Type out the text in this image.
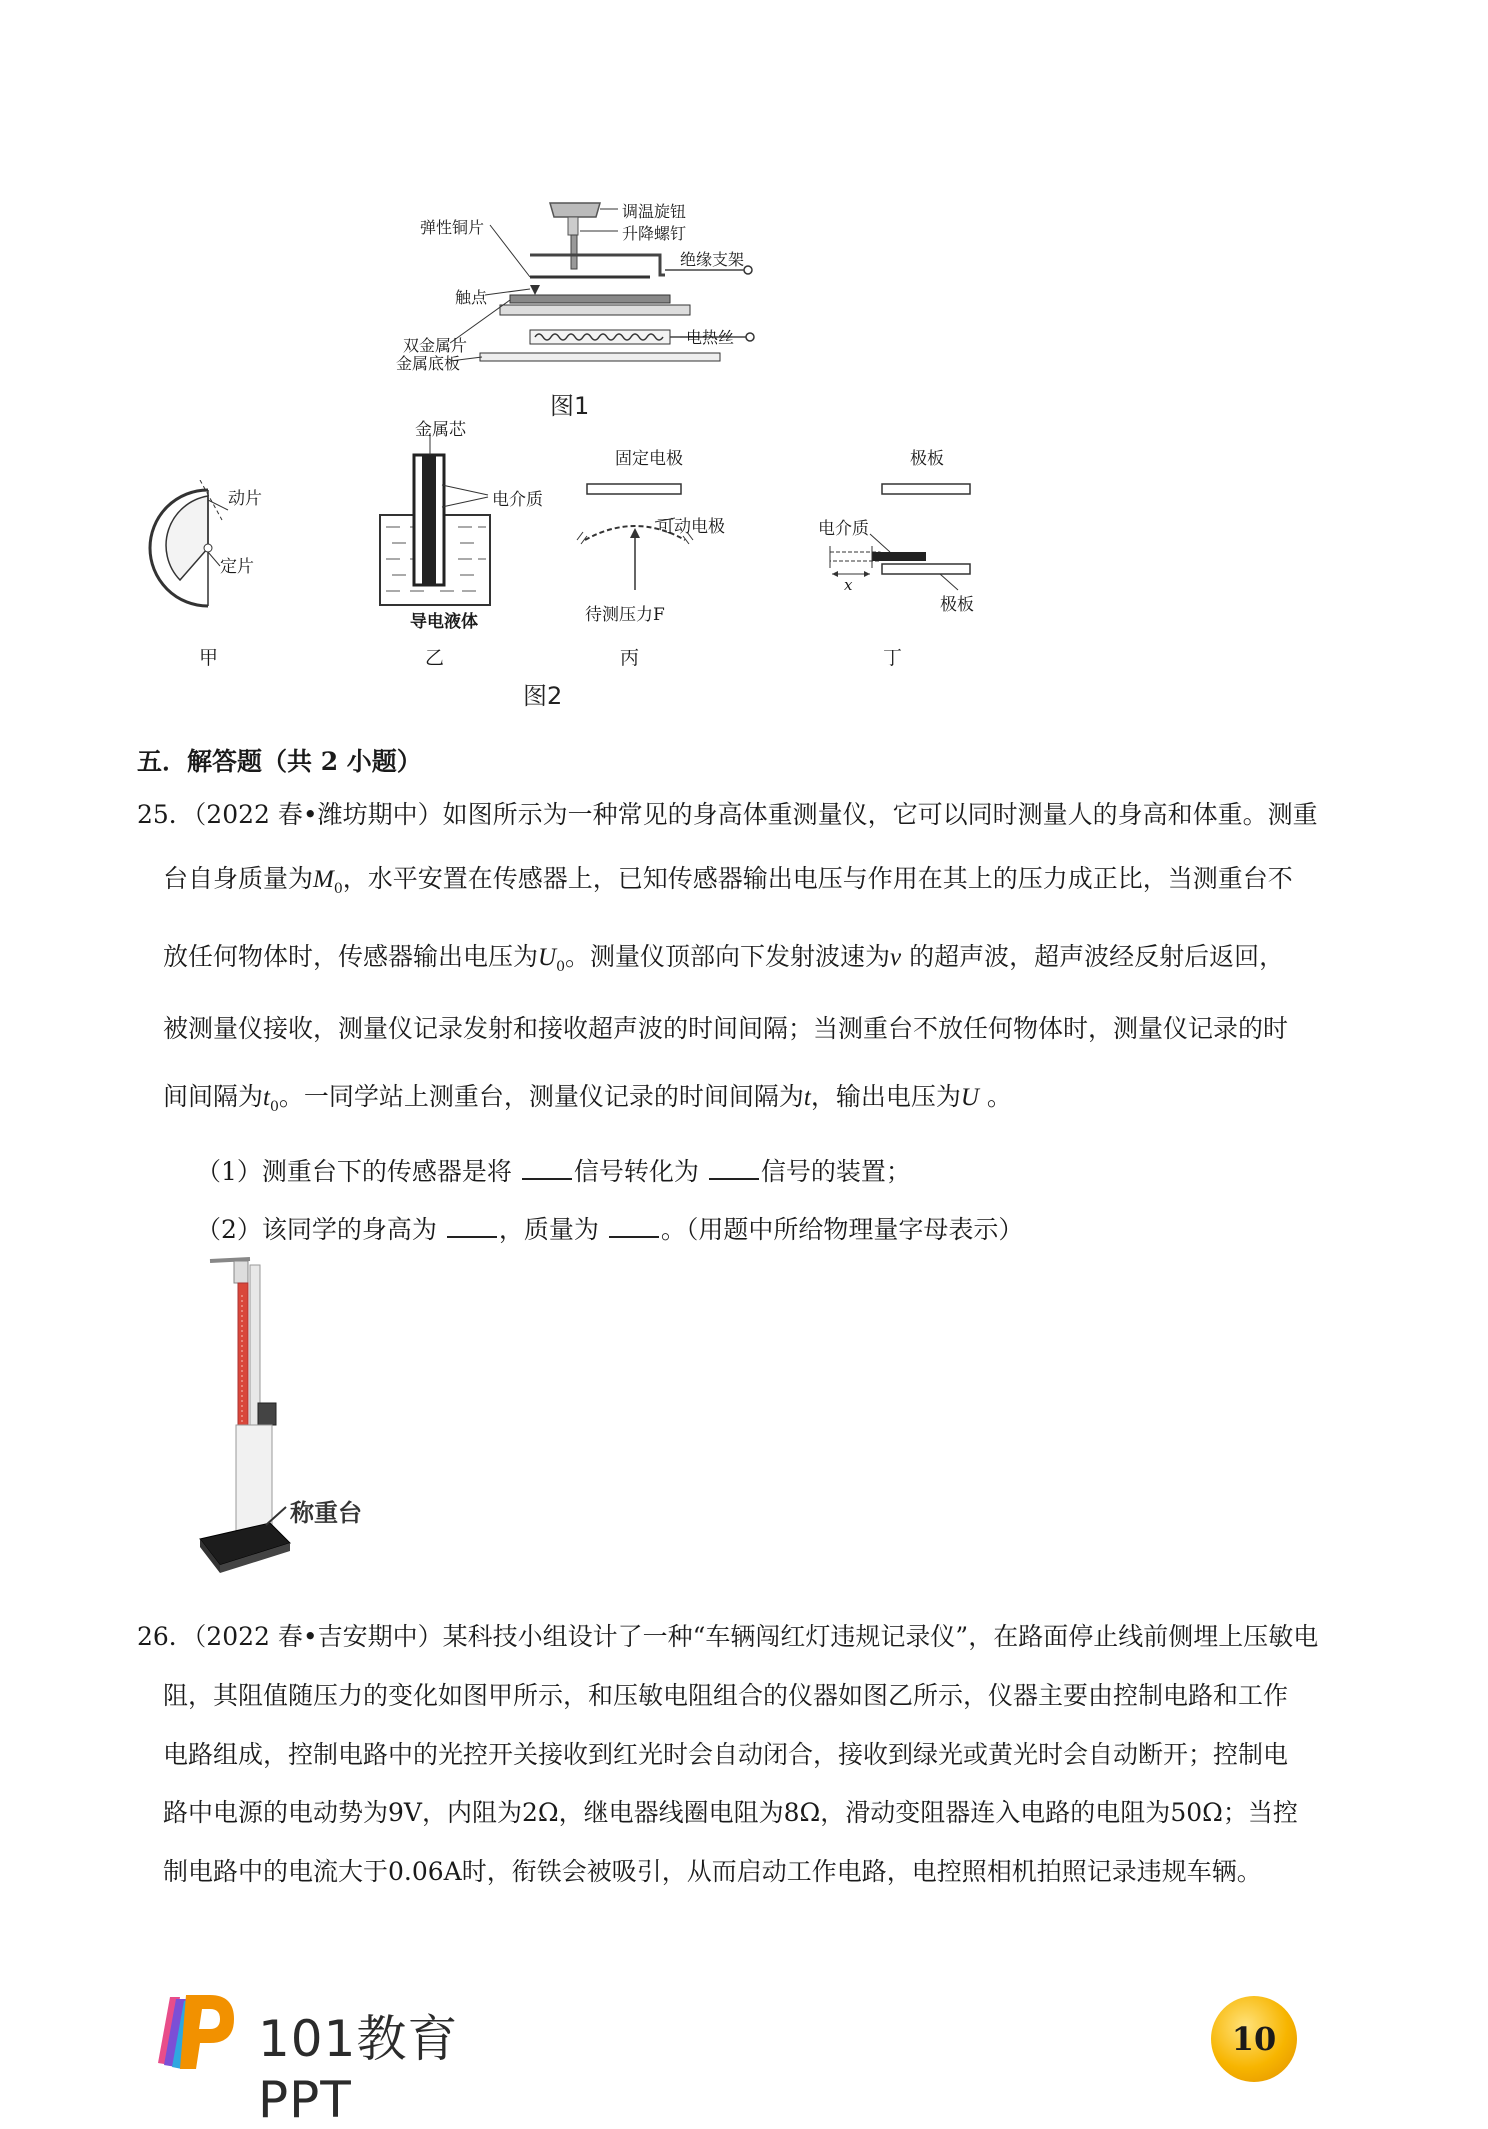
调温旋钮
升降螺钉
弹性铜片
绝缘支架
触点
双金属片
金属底板
电热丝
图1
动片
定片
甲
金属芯
电介质
导电液体
乙
固定电极
可动电极
待测压力F
丙
极板
电介质
x
极板
丁
图2
五．解答题（共 2 小题）
25．（2022 春•潍坊期中）如图所示为一种常见的身高体重测量仪，它可以同时测量人的身高和体重。测重
台自身质量为$M_0$，水平安置在传感器上，已知传感器输出电压与作用在其上的压力成正比，当测重台不
放任何物体时，传感器输出电压为$U_0$。测量仪顶部向下发射波速为v 的超声波，超声波经反射后返回，
被测量仪接收，测量仪记录发射和接收超声波的时间间隔；当测重台不放任何物体时，测量仪记录的时
间间隔为$t_0$。一同学站上测重台，测量仪记录的时间间隔为t，输出电压为U 。
（1）测重台下的传感器是将 信号转化为 信号的装置；
（2）该同学的身高为 ，质量为 。（用题中所给物理量字母表示）
称重台
26．（2022 春•吉安期中）某科技小组设计了一种“车辆闯红灯违规记录仪”，在路面停止线前侧埋上压敏电
阻，其阻值随压力的变化如图甲所示，和压敏电阻组合的仪器如图乙所示，仪器主要由控制电路和工作
电路组成，控制电路中的光控开关接收到红光时会自动闭合，接收到绿光或黄光时会自动断开；控制电
路中电源的电动势为9V，内阻为2Ω，继电器线圈电阻为8Ω，滑动变阻器连入电路的电阻为50Ω；当控
制电路中的电流大于0.06A时，衔铁会被吸引，从而启动工作电路，电控照相机拍照记录违规车辆。
101教育PPT
10
